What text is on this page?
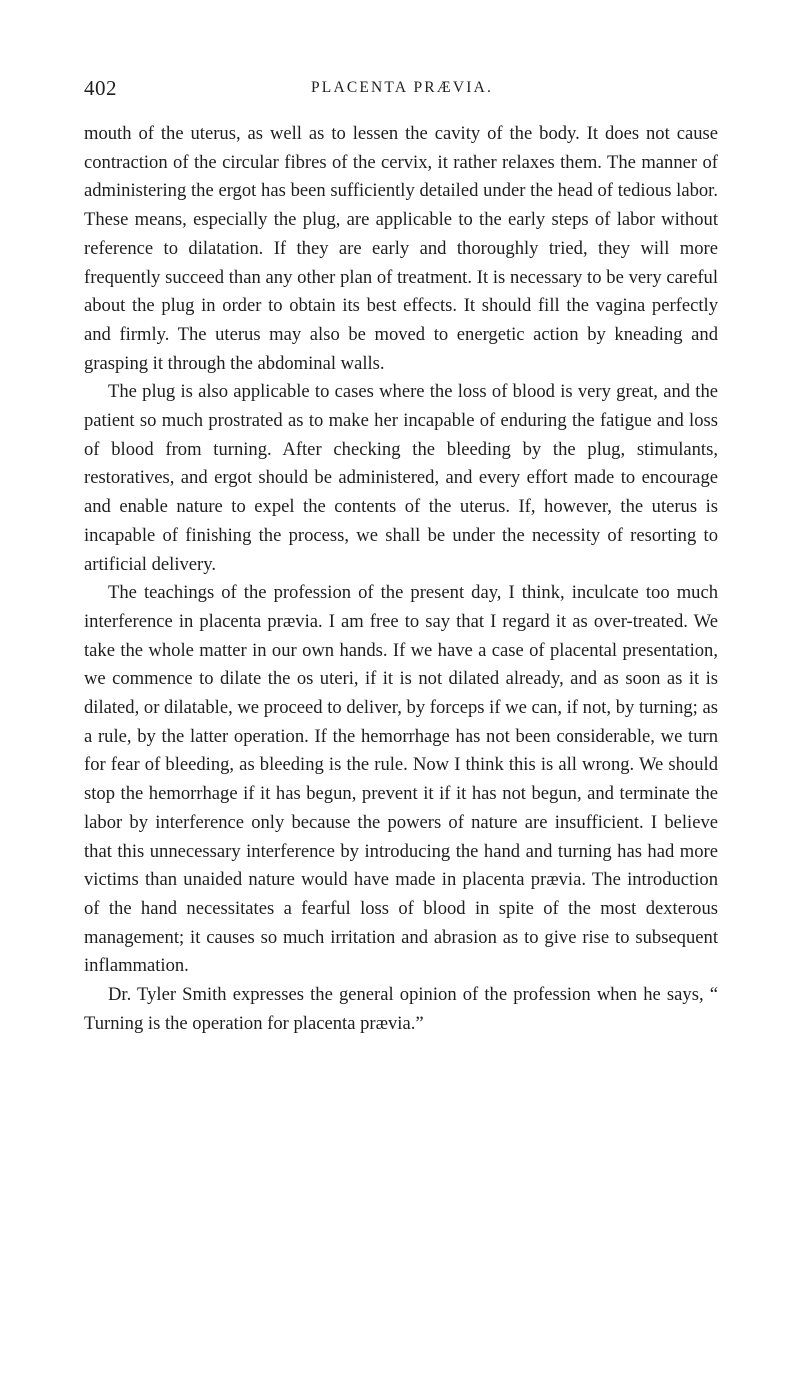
402	PLACENTA PRÆVIA.

mouth of the uterus, as well as to lessen the cavity of the body. It does not cause contraction of the circular fibres of the cervix, it rather relaxes them. The manner of administering the ergot has been sufficiently detailed under the head of tedious labor. These means, especially the plug, are applicable to the early steps of labor without reference to dilatation. If they are early and thoroughly tried, they will more frequently succeed than any other plan of treatment. It is necessary to be very careful about the plug in order to obtain its best effects. It should fill the vagina perfectly and firmly. The uterus may also be moved to energetic action by kneading and grasping it through the abdominal walls.

The plug is also applicable to cases where the loss of blood is very great, and the patient so much prostrated as to make her incapable of enduring the fatigue and loss of blood from turning. After checking the bleeding by the plug, stimulants, restoratives, and ergot should be administered, and every effort made to encourage and enable nature to expel the contents of the uterus. If, however, the uterus is incapable of finishing the process, we shall be under the necessity of resorting to artificial delivery.

The teachings of the profession of the present day, I think, inculcate too much interference in placenta prævia. I am free to say that I regard it as over-treated. We take the whole matter in our own hands. If we have a case of placental presentation, we commence to dilate the os uteri, if it is not dilated already, and as soon as it is dilated, or dilatable, we proceed to deliver, by forceps if we can, if not, by turning; as a rule, by the latter operation. If the hemorrhage has not been considerable, we turn for fear of bleeding, as bleeding is the rule. Now I think this is all wrong. We should stop the hemorrhage if it has begun, prevent it if it has not begun, and terminate the labor by interference only because the powers of nature are insufficient. I believe that this unnecessary interference by introducing the hand and turning has had more victims than unaided nature would have made in placenta prævia. The introduction of the hand necessitates a fearful loss of blood in spite of the most dexterous management; it causes so much irritation and abrasion as to give rise to subsequent inflammation.

Dr. Tyler Smith expresses the general opinion of the profession when he says, “ Turning is the operation for placenta prævia.”
